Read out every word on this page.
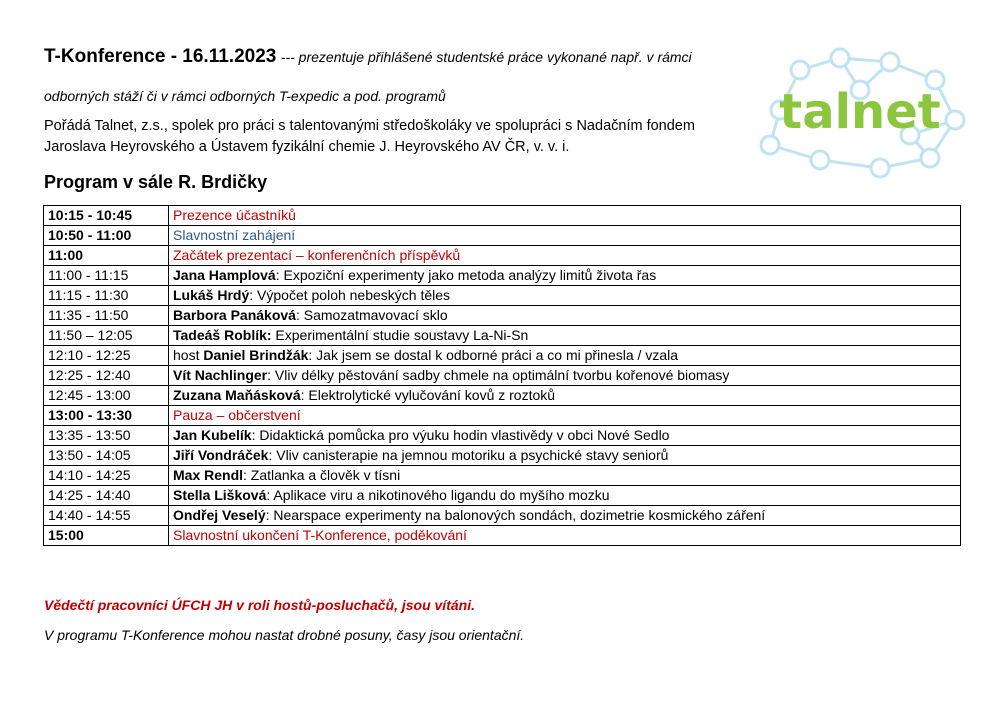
T-Konference - 16.11.2023 --- prezentuje přihlášené studentské práce vykonané např. v rámci
odborných stáží či v rámci odborných T-expedic a pod. programů
Pořádá Talnet, z.s., spolek pro práci s talentovanými středoškoláky ve spolupráci s Nadačním fondem
Jaroslava Heyrovského a Ústavem fyzikální chemie J. Heyrovského AV ČR, v. v. i.
talnet
Program v sále R. Brdičky
10:15 - 10:45	Prezence účastníků
10:50 - 11:00	Slavnostní zahájení
11:00	Začátek prezentací – konferenčních příspěvků
11:00 - 11:15	Jana Hamplová: Expoziční experimenty jako metoda analýzy limitů života řas
11:15 - 11:30	Lukáš Hrdý: Výpočet poloh nebeských těles
11:35 - 11:50	Barbora Panáková: Samozatmavovací sklo
11:50 – 12:05	Tadeáš Roblík: Experimentální studie soustavy La-Ni-Sn
12:10 - 12:25	host Daniel Brindžák: Jak jsem se dostal k odborné práci a co mi přinesla / vzala
12:25 - 12:40	Vít Nachlinger: Vliv délky pěstování sadby chmele na optimální tvorbu kořenové biomasy
12:45 - 13:00	Zuzana Maňásková: Elektrolytické vylučování kovů z roztoků
13:00 - 13:30	Pauza – občerstvení
13:35 - 13:50	Jan Kubelík: Didaktická pomůcka pro výuku hodin vlastivědy v obci Nové Sedlo
13:50 - 14:05	Jiří Vondráček: Vliv canisterapie na jemnou motoriku a psychické stavy seniorů
14:10 - 14:25	Max Rendl: Zatlanka a člověk v tísni
14:25 - 14:40	Stella Lišková: Aplikace viru a nikotinového ligandu do myšího mozku
14:40 - 14:55	Ondřej Veselý: Nearspace experimenty na balonových sondách, dozimetrie kosmického záření
15:00	Slavnostní ukončení T-Konference, poděkování
Vědečtí pracovníci ÚFCH JH v roli hostů-posluchačů, jsou vítáni.
V programu T-Konference mohou nastat drobné posuny, časy jsou orientační.
